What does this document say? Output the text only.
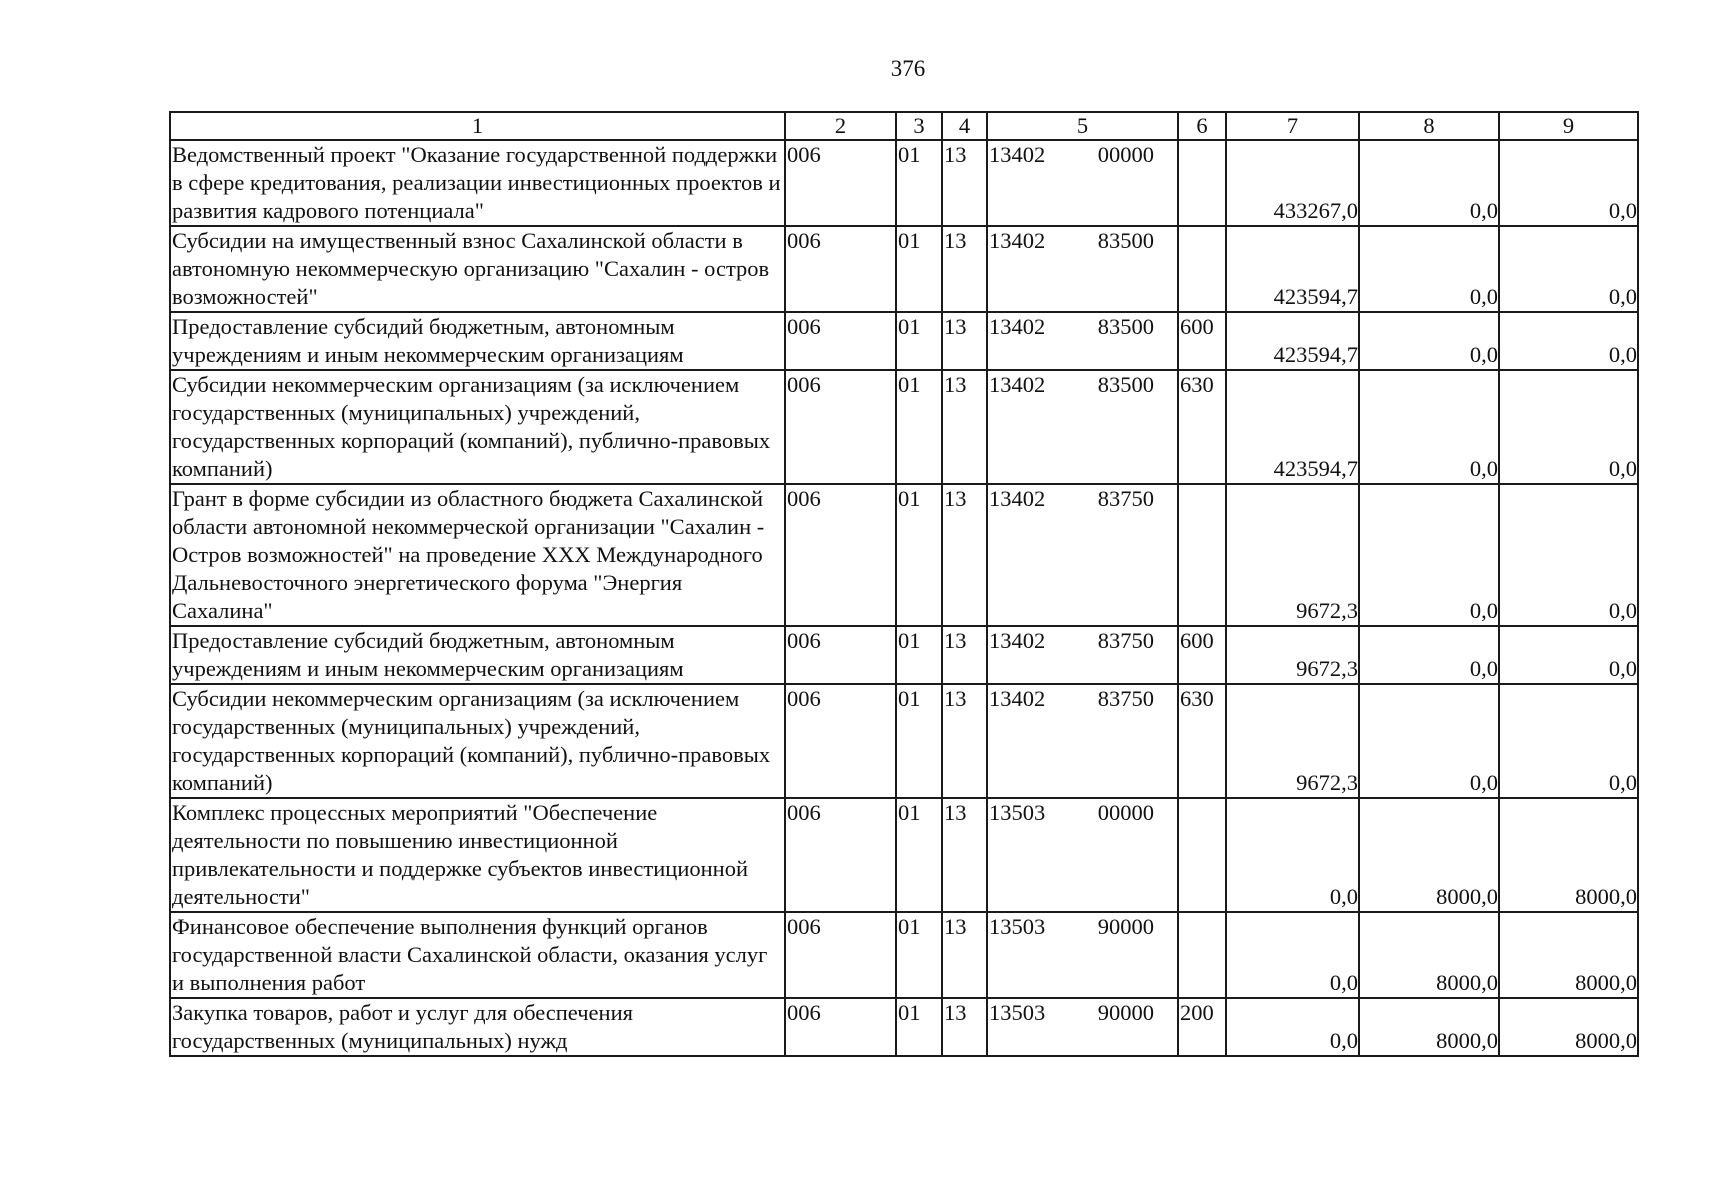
376
1	2	3	4	5	6	7	8	9
Ведомственный проект "Оказание государственной поддержки в сфере кредитования, реализации инвестиционных проектов и развития кадрового потенциала"	006	01	13	13402 00000		433267,0	0,0	0,0
Субсидии на имущественный взнос Сахалинской области в автономную некоммерческую организацию "Сахалин - остров возможностей"	006	01	13	13402 83500		423594,7	0,0	0,0
Предоставление субсидий бюджетным, автономным учреждениям и иным некоммерческим организациям	006	01	13	13402 83500	600	423594,7	0,0	0,0
Субсидии некоммерческим организациям (за исключением государственных (муниципальных) учреждений, государственных корпораций (компаний), публично-правовых компаний)	006	01	13	13402 83500	630	423594,7	0,0	0,0
Грант в форме субсидии из областного бюджета Сахалинской области автономной некоммерческой организации "Сахалин - Остров возможностей" на проведение XXX Международного Дальневосточного энергетического форума "Энергия Сахалина"	006	01	13	13402 83750		9672,3	0,0	0,0
Предоставление субсидий бюджетным, автономным учреждениям и иным некоммерческим организациям	006	01	13	13402 83750	600	9672,3	0,0	0,0
Субсидии некоммерческим организациям (за исключением государственных (муниципальных) учреждений, государственных корпораций (компаний), публично-правовых компаний)	006	01	13	13402 83750	630	9672,3	0,0	0,0
Комплекс процессных мероприятий "Обеспечение деятельности по повышению инвестиционной привлекательности и поддержке субъектов инвестиционной деятельности"	006	01	13	13503 00000		0,0	8000,0	8000,0
Финансовое обеспечение выполнения функций органов государственной власти Сахалинской области, оказания услуг и выполнения работ	006	01	13	13503 90000		0,0	8000,0	8000,0
Закупка товаров, работ и услуг для обеспечения государственных (муниципальных) нужд	006	01	13	13503 90000	200	0,0	8000,0	8000,0
